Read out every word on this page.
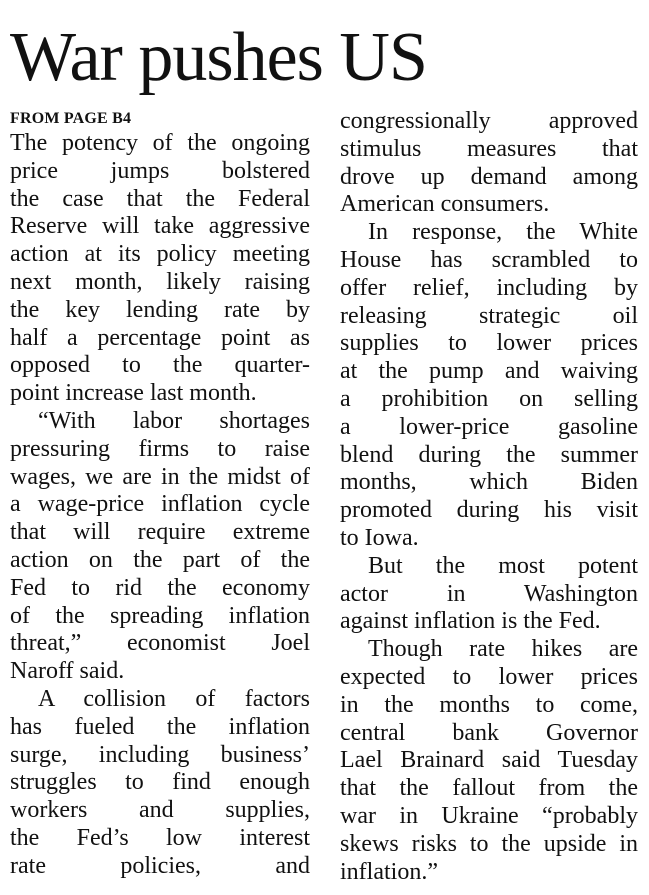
War pushes US
FROM PAGE B4
The potency of the ongoing
price jumps bolstered
the case that the Federal
Reserve will take aggressive
action at its policy meeting
next month, likely raising
the key lending rate by
half a percentage point as
opposed to the quarter-
point increase last month.
“With labor shortages
pressuring firms to raise
wages, we are in the midst of
a wage-price inflation cycle
that will require extreme
action on the part of the
Fed to rid the economy
of the spreading inflation
threat,” economist Joel
Naroff said.
A collision of factors
has fueled the inflation
surge, including business’
struggles to find enough
workers and supplies,
the Fed’s low interest
rate policies, and
congressionally approved
stimulus measures that
drove up demand among
American consumers.
In response, the White
House has scrambled to
offer relief, including by
releasing strategic oil
supplies to lower prices
at the pump and waiving
a prohibition on selling
a lower-price gasoline
blend during the summer
months, which Biden
promoted during his visit
to Iowa.
But the most potent
actor in Washington
against inflation is the Fed.
Though rate hikes are
expected to lower prices
in the months to come,
central bank Governor
Lael Brainard said Tuesday
that the fallout from the
war in Ukraine “probably
skews risks to the upside in
inflation.”
